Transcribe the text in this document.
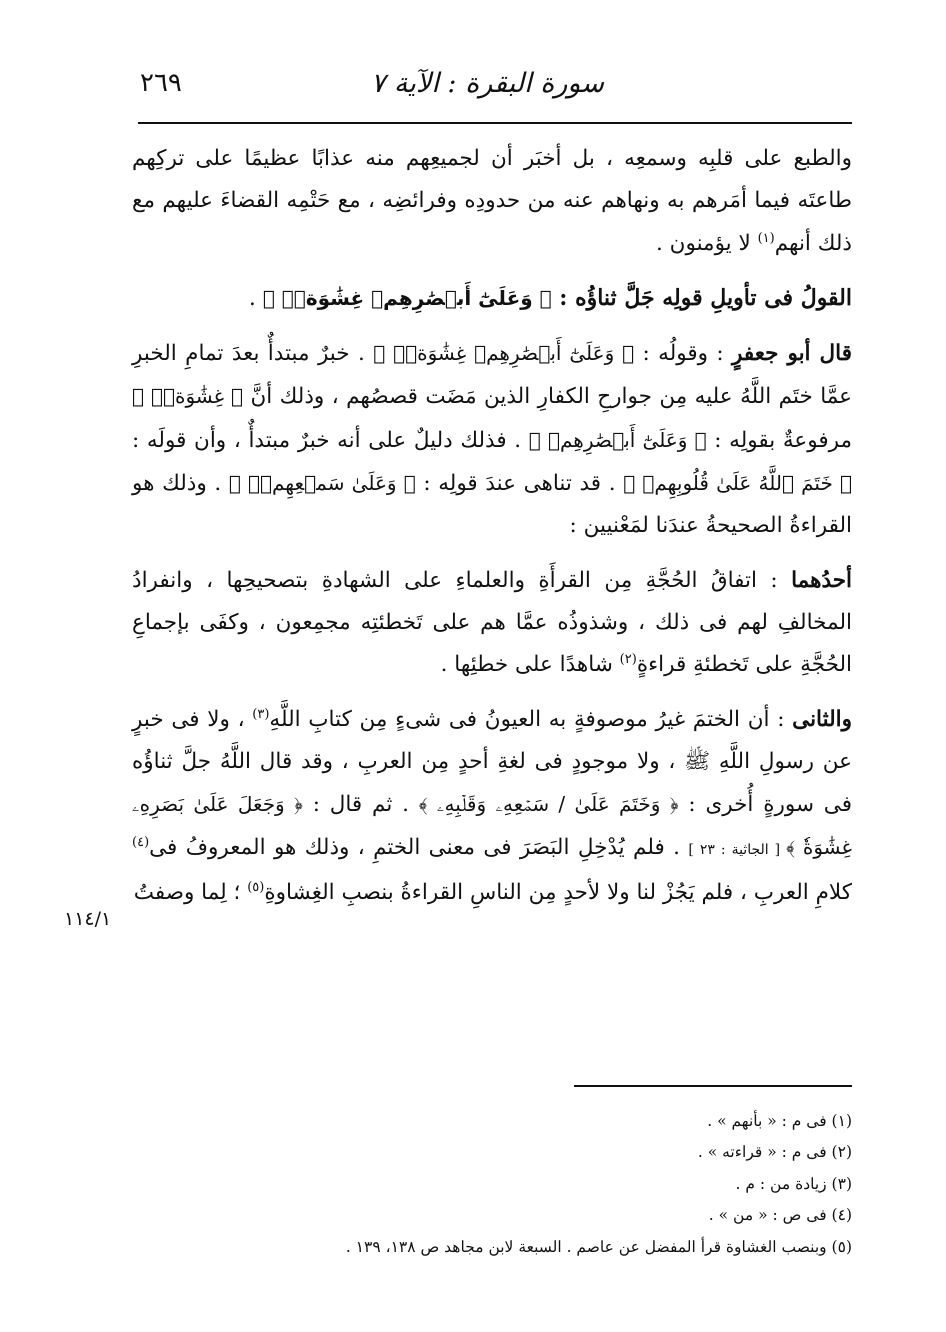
سورة البقرة : الآية ٧
٢٦٩
١١٤/١

والطبع على قلبِه وسمعِه ، بل أخبَر أن لجميعِهم منه عذابًا عظيمًا على تركِهم طاعتَه فيما أمَرهم به ونهاهم عنه من حدودِه وفرائضِه ، مع حَتْمِه القضاءَ عليهم مع ذلك أنهم$^{(١)}$ لا يؤمنون .

القولُ فى تأويلِ قولِه جَلَّ ثناؤُه : ﴿ وَعَلَىٰٓ أَبۡصَٰرِهِمۡ غِشَٰوَةٞۖ ﴾ .

قال أبو جعفرٍ : وقولُه : ﴿ وَعَلَىٰٓ أَبۡصَٰرِهِمۡ غِشَٰوَةٞۖ ﴾ . خبرٌ مبتدأٌ بعدَ تمامِ الخبرِ عمَّا ختَم اللَّهُ عليه مِن جوارحِ الكفارِ الذين مَضَت قصصُهم ، وذلك أنَّ ﴿ غِشَٰوَةٞۖ ﴾ مرفوعةٌ بقولِه : ﴿ وَعَلَىٰٓ أَبۡصَٰرِهِمۡ ﴾ . فذلك دليلٌ على أنه خبرٌ مبتدأٌ ، وأن قولَه : ﴿ خَتَمَ ٱللَّهُ عَلَىٰ قُلُوبِهِمۡ ﴾ . قد تناهى عندَ قولِه : ﴿ وَعَلَىٰ سَمۡعِهِمۡۖ ﴾ . وذلك هو القراءةُ الصحيحةُ عندَنا لمَعْنيين :

أحدُهما : اتفاقُ الحُجَّةِ مِن القرأَةِ والعلماءِ على الشهادةِ بتصحيحِها ، وانفرادُ المخالفِ لهم فى ذلك ، وشذوذُه عمَّا هم على تَخطئتِه مجمِعون ، وكفَى بإجماعِ الحُجَّةِ على تَخطئةِ قراءةٍ$^{(٢)}$ شاهدًا على خطئِها .

والثانى : أن الختمَ غيرُ موصوفةٍ به العيونُ فى شىءٍ مِن كتابِ اللَّهِ$^{(٣)}$ ، ولا فى خبرٍ عن رسولِ اللَّهِ ﷺ ، ولا موجودٍ فى لغةِ أحدٍ مِن العربِ ، وقد قال اللَّهُ جلَّ ثناؤُه فى سورةٍ أُخرى : ﴿ وَخَتَمَ عَلَىٰ / سَمۡعِهِۦ وَقَلۡبِهِۦ ﴾ . ثم قال : ﴿ وَجَعَلَ عَلَىٰ بَصَرِهِۦ غِشَٰوَةٗ ﴾ [ الجاثية : ٢٣ ] . فلم يُدْخِلِ البَصَرَ فى معنى الختمِ ، وذلك هو المعروفُ فى$^{(٤)}$ كلامِ العربِ ، فلم يَجُزْ لنا ولا لأحدٍ مِن الناسِ القراءةُ بنصبِ الغِشاوةِ$^{(٥)}$ ؛ لِما وصفتُ

(١) فى م : « بأنهم » .

(٢) فى م : « قراءته » .

(٣) زيادة من : م .

(٤) فى ص : « من » .

(٥) وبنصب الغشاوة قرأ المفضل عن عاصم . السبعة لابن مجاهد ص ١٣٨، ١٣٩ .
